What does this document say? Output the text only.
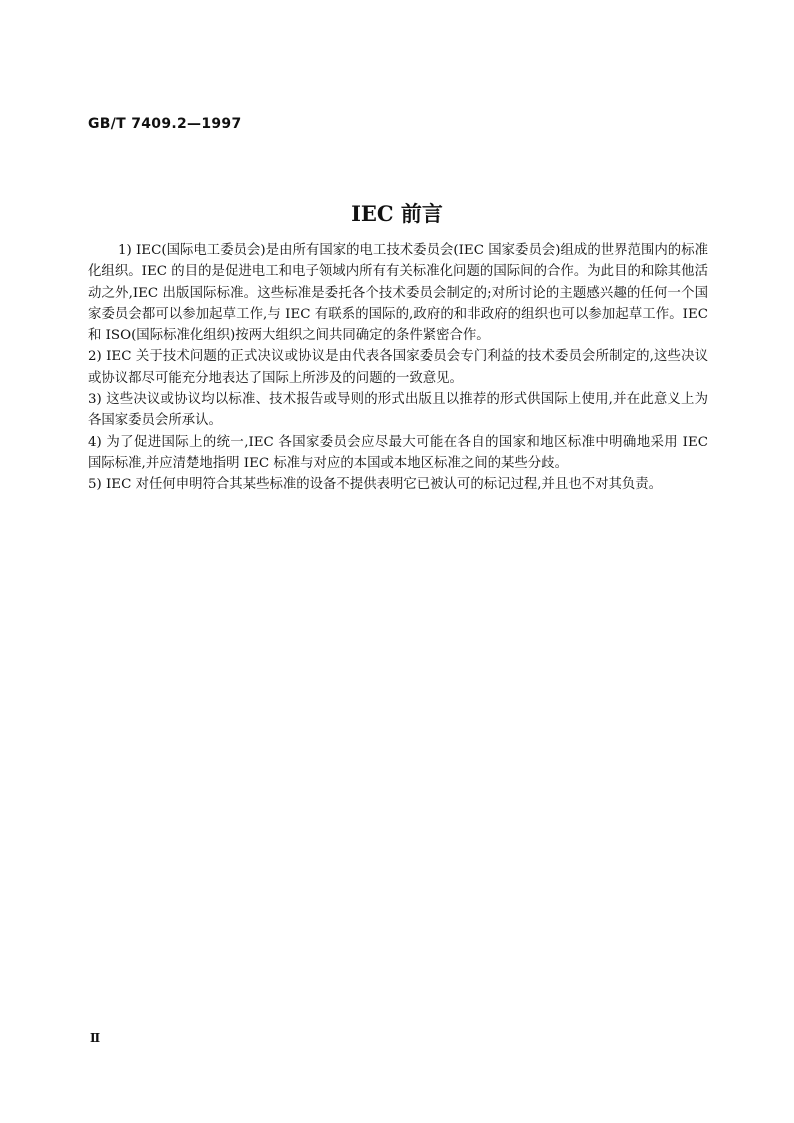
GB/T 7409.2—1997
IEC 前言

1) IEC(国际电工委员会)是由所有国家的电工技术委员会(IEC 国家委员会)组成的世界范围内的标准化组织。IEC 的目的是促进电工和电子领域内所有有关标准化问题的国际间的合作。为此目的和除其他活动之外,IEC 出版国际标准。这些标准是委托各个技术委员会制定的;对所讨论的主题感兴趣的任何一个国家委员会都可以参加起草工作,与 IEC 有联系的国际的,政府的和非政府的组织也可以参加起草工作。IEC 和 ISO(国际标准化组织)按两大组织之间共同确定的条件紧密合作。

2) IEC 关于技术问题的正式决议或协议是由代表各国家委员会专门利益的技术委员会所制定的,这些决议或协议都尽可能充分地表达了国际上所涉及的问题的一致意见。

3) 这些决议或协议均以标准、技术报告或导则的形式出版且以推荐的形式供国际上使用,并在此意义上为各国家委员会所承认。

4) 为了促进国际上的统一,IEC 各国家委员会应尽最大可能在各自的国家和地区标准中明确地采用 IEC 国际标准,并应清楚地指明 IEC 标准与对应的本国或本地区标准之间的某些分歧。

5) IEC 对任何申明符合其某些标准的设备不提供表明它已被认可的标记过程,并且也不对其负责。

Ⅱ
